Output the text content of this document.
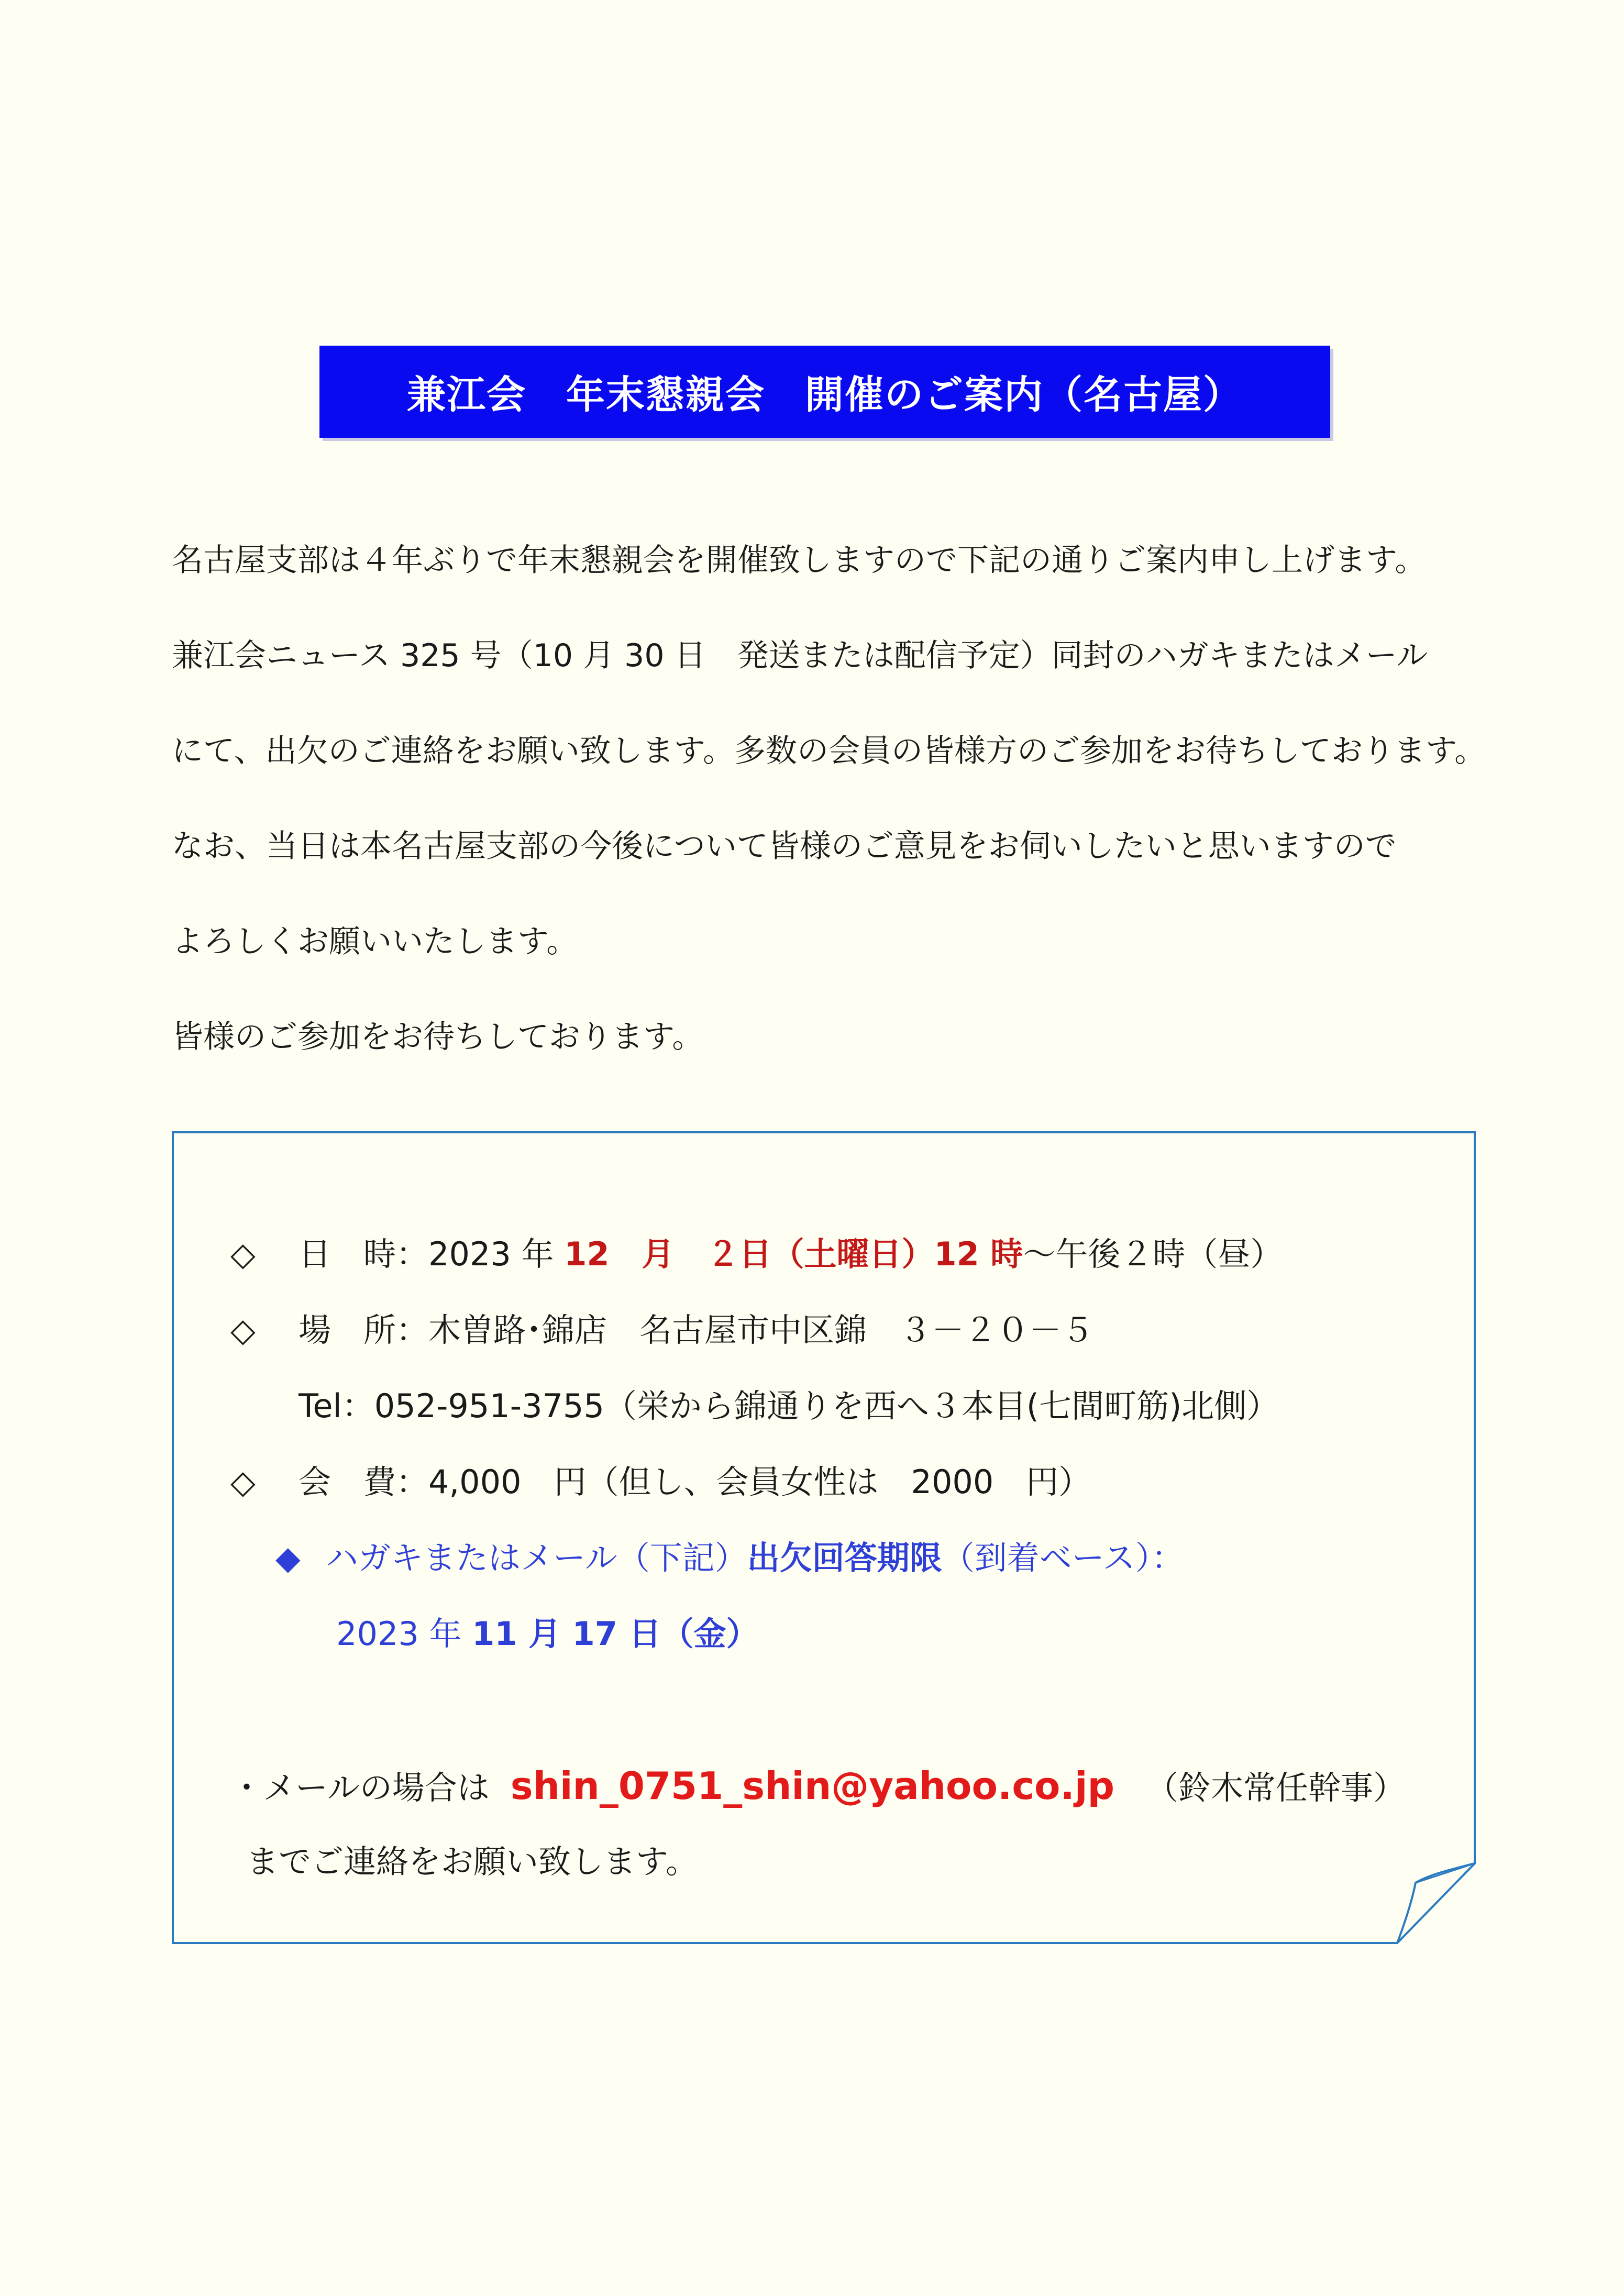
兼江会　年末懇親会　開催のご案内（名古屋）
名古屋支部は４年ぶりで年末懇親会を開催致しますので下記の通りご案内申し上げます。
兼江会ニュース 325 号（10 月 30 日　発送または配信予定）同封のハガキまたはメール
にて、出欠のご連絡をお願い致します。多数の会員の皆様方のご参加をお待ちしております。
なお、当日は本名古屋支部の今後について皆様のご意見をお伺いしたいと思いますので
よろしくお願いいたします。
皆様のご参加をお待ちしております。
◇ 日　時：2023 年 12　月　２日（土曜日）12 時～午後２時（昼）
◇ 場　所：木曽路･錦店　名古屋市中区錦　３－２０－５
Tel：052-951-3755（栄から錦通りを西へ３本目(七間町筋)北側）
◇ 会　費：4,000　円（但し、会員女性は　2000　円）
◆ ハガキまたはメール（下記）出欠回答期限（到着ベース）：
2023 年 11 月 17 日（金）
・メールの場合は shin_0751_shin@yahoo.co.jp （鈴木常任幹事）
までご連絡をお願い致します。
